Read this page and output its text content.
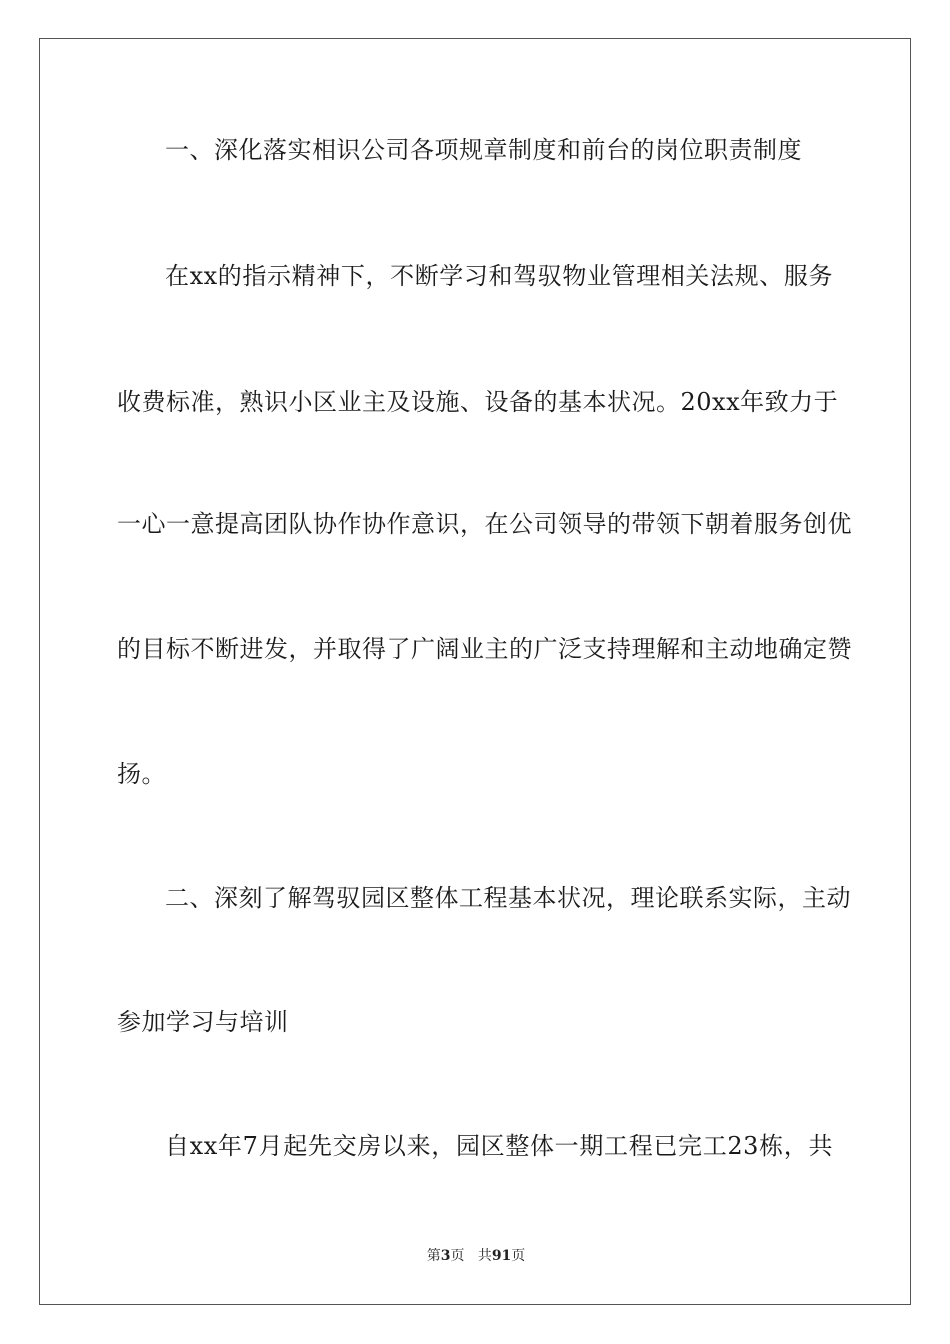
一、深化落实相识公司各项规章制度和前台的岗位职责制度
在xx的指示精神下，不断学习和驾驭物业管理相关法规、服务
收费标准，熟识小区业主及设施、设备的基本状况。20xx年致力于
一心一意提高团队协作协作意识，在公司领导的带领下朝着服务创优
的目标不断进发，并取得了广阔业主的广泛支持理解和主动地确定赞
扬。
二、深刻了解驾驭园区整体工程基本状况，理论联系实际，主动
参加学习与培训
自xx年7月起先交房以来，园区整体一期工程已完工23栋，共
第3页 共91页
